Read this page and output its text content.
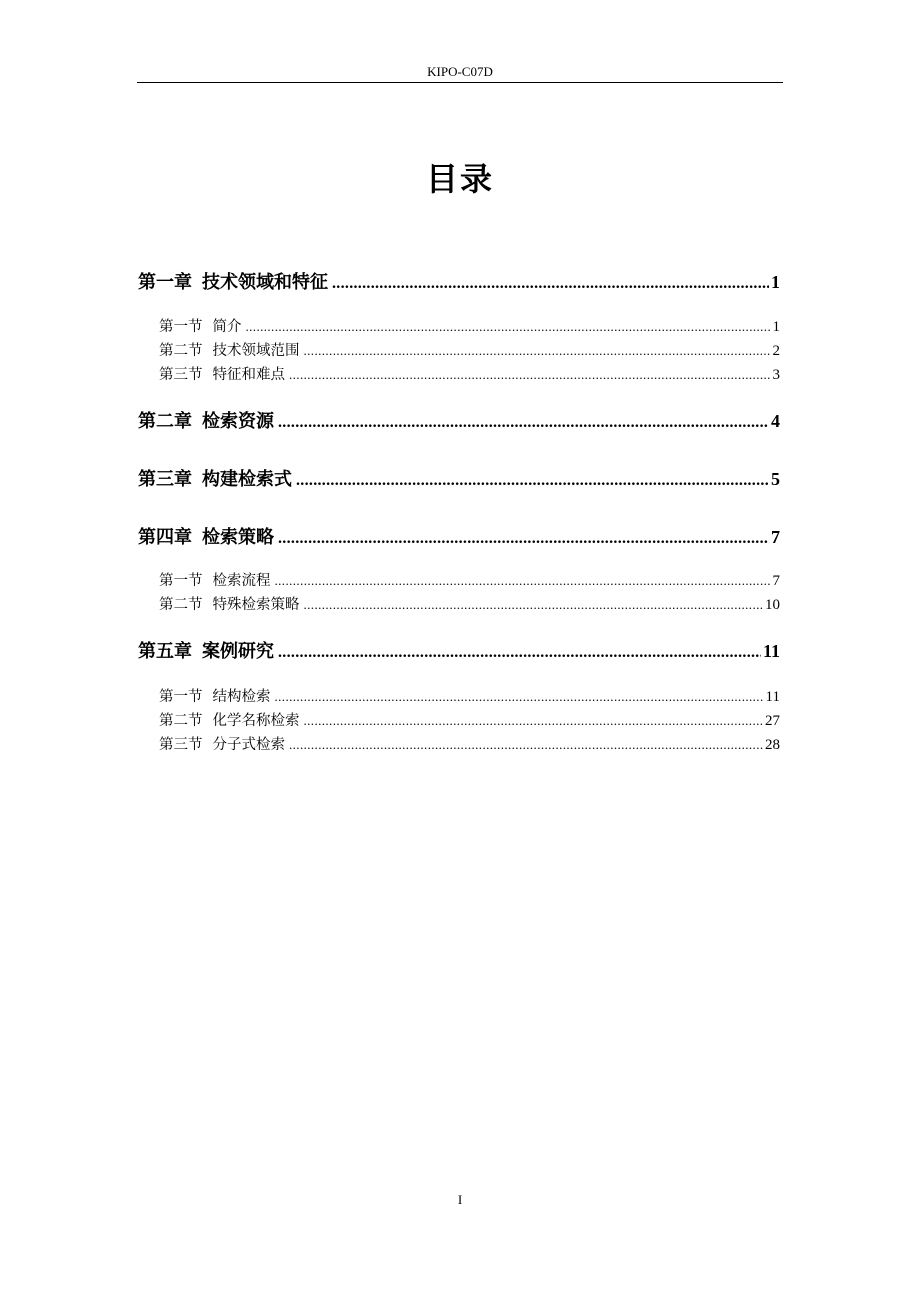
KIPO-C07D
目录
第一章 技术领域和特征 .....	1
第一节 简介 .....	1
第二节 技术领域范围 .....	2
第三节 特征和难点 .....	3
第二章 检索资源 .....	4
第三章 构建检索式 .....	5
第四章 检索策略 .....	7
第一节 检索流程 .....	7
第二节 特殊检索策略 .....	10
第五章 案例研究 .....	11
第一节 结构检索 .....	11
第二节 化学名称检索 .....	27
第三节 分子式检索 .....	28
I
